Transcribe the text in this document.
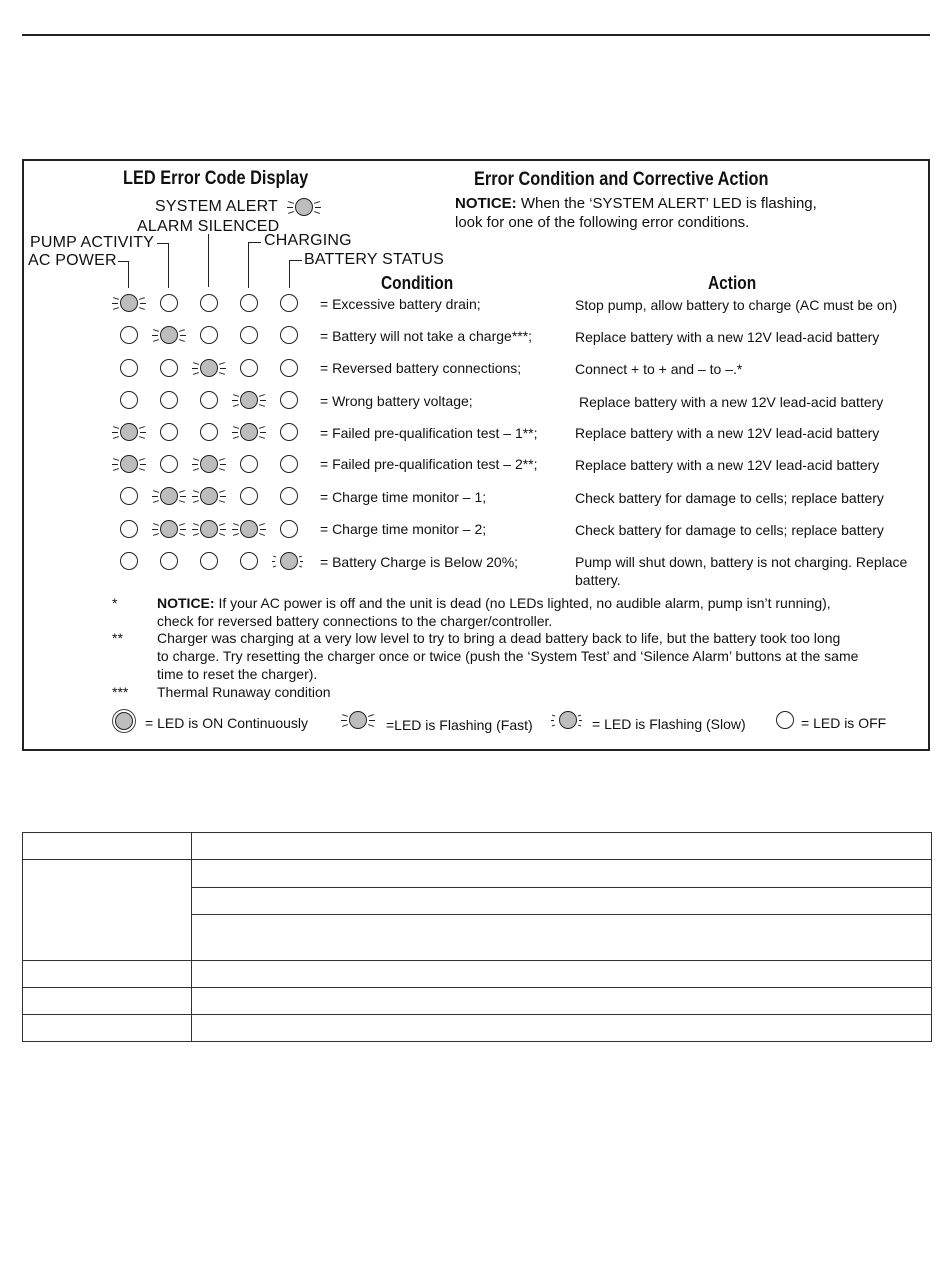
LED Error Code Display	Error Condition and Corrective Action
NOTICE: When the ‘SYSTEM ALERT’ LED is flashing,
look for one of the following error conditions.
SYSTEM ALERT
ALARM SILENCED
PUMP ACTIVITY	CHARGING
AC POWER	BATTERY STATUS
Condition	Action
= Excessive battery drain;	Stop pump, allow battery to charge (AC must be on)
= Battery will not take a charge***;	Replace battery with a new 12V lead-acid battery
= Reversed battery connections;	Connect + to + and – to –.*
= Wrong battery voltage;	Replace battery with a new 12V lead-acid battery
= Failed pre-qualification test – 1**;	Replace battery with a new 12V lead-acid battery
= Failed pre-qualification test – 2**;	Replace battery with a new 12V lead-acid battery
= Charge time monitor – 1;	Check battery for damage to cells; replace battery
= Charge time monitor – 2;	Check battery for damage to cells; replace battery
= Battery Charge is Below 20%;	Pump will shut down, battery is not charging. Replace
battery.
*	NOTICE: If your AC power is off and the unit is dead (no LEDs lighted, no audible alarm, pump isn’t running),
check for reversed battery connections to the charger/controller.
** Charger was charging at a very low level to try to bring a dead battery back to life, but the battery took too long
to charge. Try resetting the charger once or twice (push the ‘System Test’ and ‘Silence Alarm’ buttons at the same
time to reset the charger).
*** Thermal Runaway condition
= LED is ON Continuously	=LED is Flashing (Fast)	= LED is Flashing (Slow)	= LED is OFF
